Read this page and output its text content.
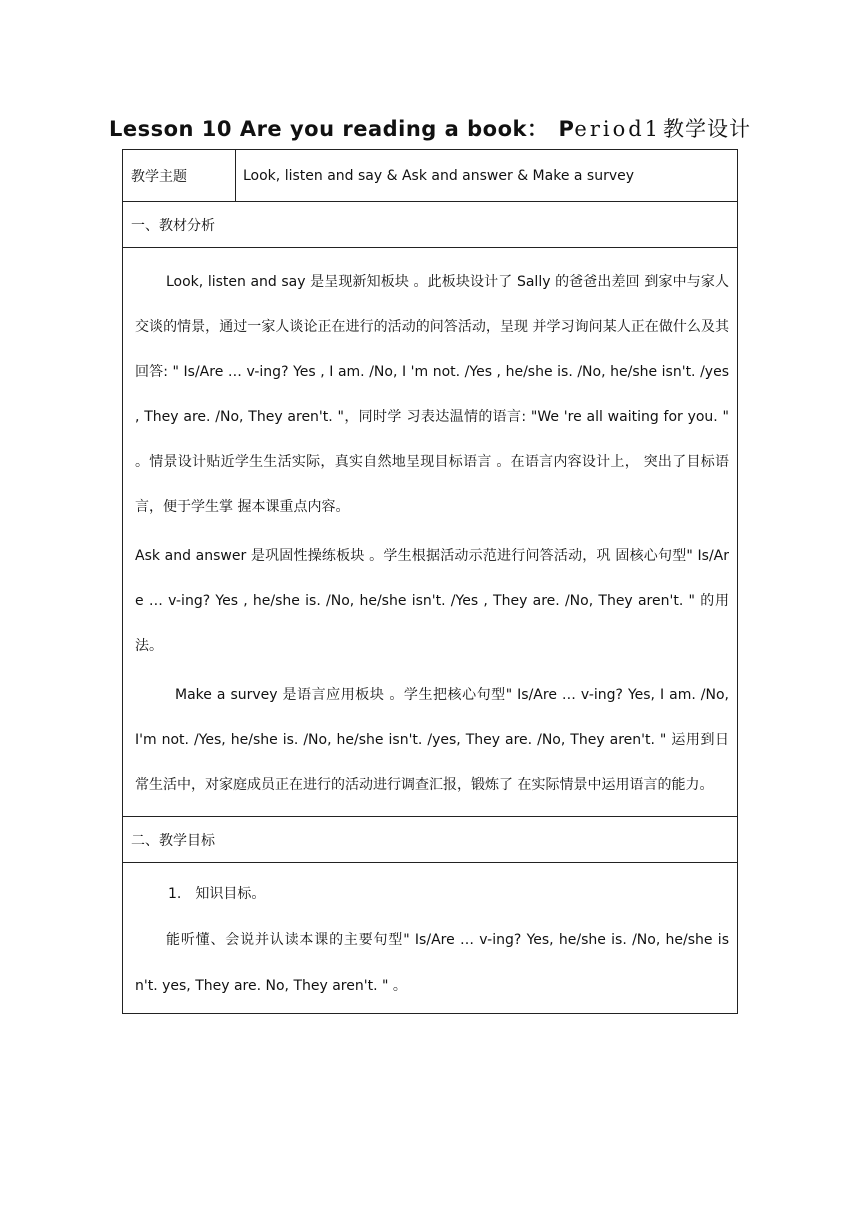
Lesson 10 Are you reading a book： Period1教学设计
教学主题	Look, listen and say & Ask and answer & Make a survey
一、教材分析

Look, listen and say 是呈现新知板块 。此板块设计了 Sally 的爸爸出差回 到家中与家人交谈的情景，通过一家人谈论正在进行的活动的问答活动，呈现 并学习询问某人正在做什么及其回答: " Is/Are … v-ing? Yes , I am. /No, I 'm not. /Yes , he/she is. /No, he/she isn't. /yes , They are. /No, They aren't. "，同时学 习表达温情的语言: "We 're all waiting for you. " 。情景设计贴近学生生活实际，真实自然地呈现目标语言 。在语言内容设计上， 突出了目标语言，便于学生掌 握本课重点内容。

Ask and answer 是巩固性操练板块 。学生根据活动示范进行问答活动，巩 固核心句型" Is/Are … v-ing? Yes , he/she is. /No, he/she isn't. /Yes , They are. /No, They aren't. " 的用法。

Make a survey 是语言应用板块 。学生把核心句型" Is/Are … v-ing? Yes, I am. /No, I'm not. /Yes, he/she is. /No, he/she isn't. /yes, They are. /No, They aren't. " 运用到日常生活中，对家庭成员正在进行的活动进行调查汇报，锻炼了 在实际情景中运用语言的能力。

二、教学目标

1.　知识目标。

能听懂、会说并认读本课的主要句型" Is/Are … v-ing? Yes, he/she is. /No, he/she isn't. yes, They are. No, They aren't. " 。
